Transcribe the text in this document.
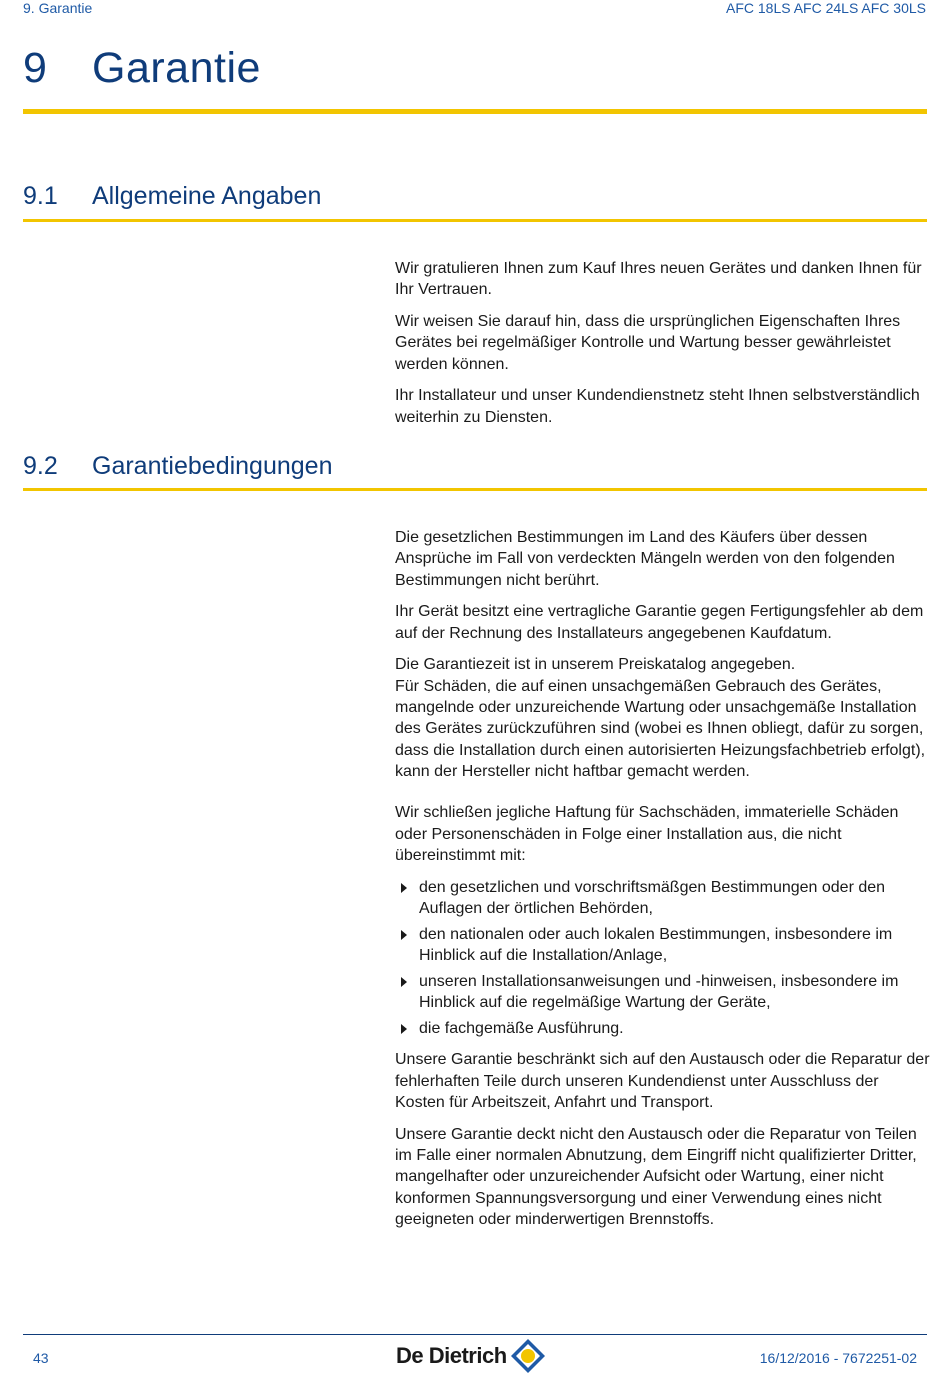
9. Garantie	AFC 18LS AFC 24LS AFC 30LS
9 Garantie
9.1 Allgemeine Angaben

Wir gratulieren Ihnen zum Kauf Ihres neuen Gerätes und danken Ihnen für Ihr Vertrauen.

Wir weisen Sie darauf hin, dass die ursprünglichen Eigenschaften Ihres Gerätes bei regelmäßiger Kontrolle und Wartung besser gewährleistet werden können.

Ihr Installateur und unser Kundendienstnetz steht Ihnen selbstverständlich weiterhin zu Diensten.

9.2 Garantiebedingungen

Die gesetzlichen Bestimmungen im Land des Käufers über dessen Ansprüche im Fall von verdeckten Mängeln werden von den folgenden Bestimmungen nicht berührt.

Ihr Gerät besitzt eine vertragliche Garantie gegen Fertigungsfehler ab dem auf der Rechnung des Installateurs angegebenen Kaufdatum.

Die Garantiezeit ist in unserem Preiskatalog angegeben.

Für Schäden, die auf einen unsachgemäßen Gebrauch des Gerätes, mangelnde oder unzureichende Wartung oder unsachgemäße Installation des Gerätes zurückzuführen sind (wobei es Ihnen obliegt, dafür zu sorgen, dass die Installation durch einen autorisierten Heizungsfachbetrieb erfolgt), kann der Hersteller nicht haftbar gemacht werden.

Wir schließen jegliche Haftung für Sachschäden, immaterielle Schäden oder Personenschäden in Folge einer Installation aus, die nicht übereinstimmt mit:

den gesetzlichen und vorschriftsmäßgen Bestimmungen oder den Auflagen der örtlichen Behörden,
den nationalen oder auch lokalen Bestimmungen, insbesondere im Hinblick auf die Installation/Anlage,
unseren Installationsanweisungen und -hinweisen, insbesondere im Hinblick auf die regelmäßige Wartung der Geräte,
die fachgemäße Ausführung.

Unsere Garantie beschränkt sich auf den Austausch oder die Reparatur der fehlerhaften Teile durch unseren Kundendienst unter Ausschluss der Kosten für Arbeitszeit, Anfahrt und Transport.

Unsere Garantie deckt nicht den Austausch oder die Reparatur von Teilen im Falle einer normalen Abnutzung, dem Eingriff nicht qualifizierter Dritter, mangelhafter oder unzureichender Aufsicht oder Wartung, einer nicht konformen Spannungsversorgung und einer Verwendung eines nicht geeigneten oder minderwertigen Brennstoffs.

43	De Dietrich	16/12/2016 - 7672251-02
